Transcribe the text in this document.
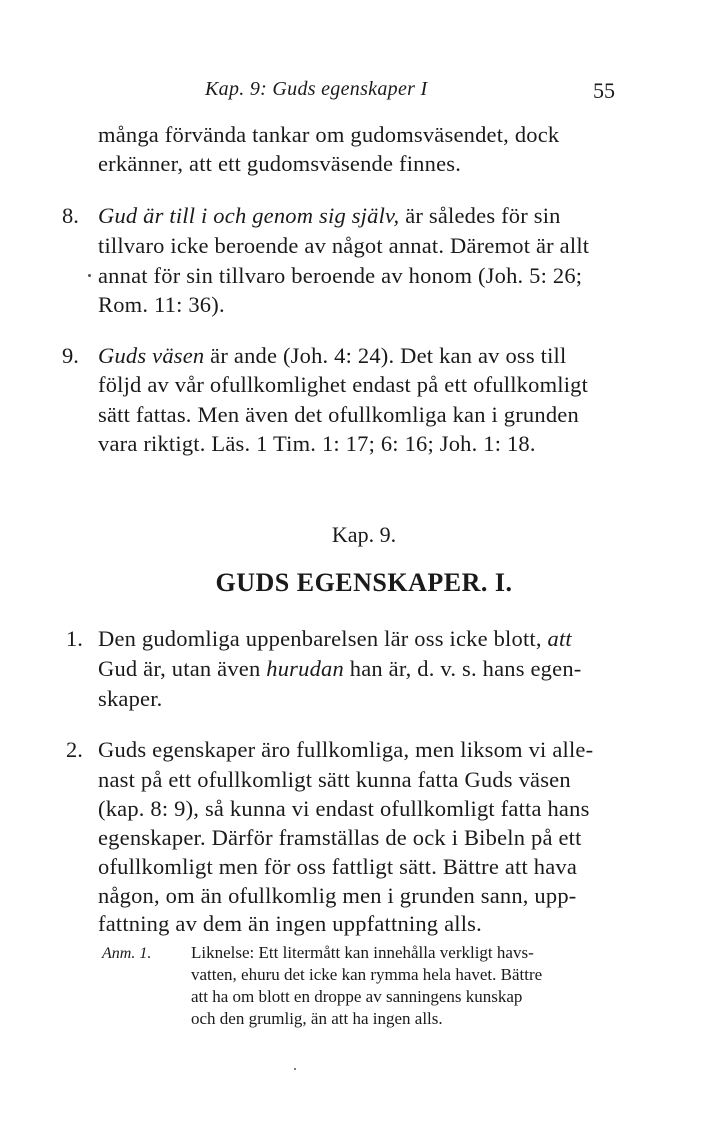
Kap. 9: Guds egenskaper I	55
många förvända tankar om gudomsväsendet, dock
erkänner, att ett gudomsväsende finnes.
8. Gud är till i och genom sig själv, är således för sin
tillvaro icke beroende av något annat. Däremot är allt
annat för sin tillvaro beroende av honom (Joh. 5: 26;
Rom. 11: 36).
9. Guds väsen är ande (Joh. 4: 24). Det kan av oss till
följd av vår ofullkomlighet endast på ett ofullkomligt
sätt fattas. Men även det ofullkomliga kan i grunden
vara riktigt. Läs. 1 Tim. 1: 17; 6: 16; Joh. 1: 18.
Kap. 9.
GUDS EGENSKAPER. I.
1. Den gudomliga uppenbarelsen lär oss icke blott, att
Gud är, utan även hurudan han är, d. v. s. hans egen-
skaper.
2. Guds egenskaper äro fullkomliga, men liksom vi alle-
nast på ett ofullkomligt sätt kunna fatta Guds väsen
(kap. 8: 9), så kunna vi endast ofullkomligt fatta hans
egenskaper. Därför framställas de ock i Bibeln på ett
ofullkomligt men för oss fattligt sätt. Bättre att hava
någon, om än ofullkomlig men i grunden sann, upp-
fattning av dem än ingen uppfattning alls.
Anm. 1. Liknelse: Ett litermått kan innehålla verkligt havs-
vatten, ehuru det icke kan rymma hela havet. Bättre
att ha om blott en droppe av sanningens kunskap
och den grumlig, än att ha ingen alls.
